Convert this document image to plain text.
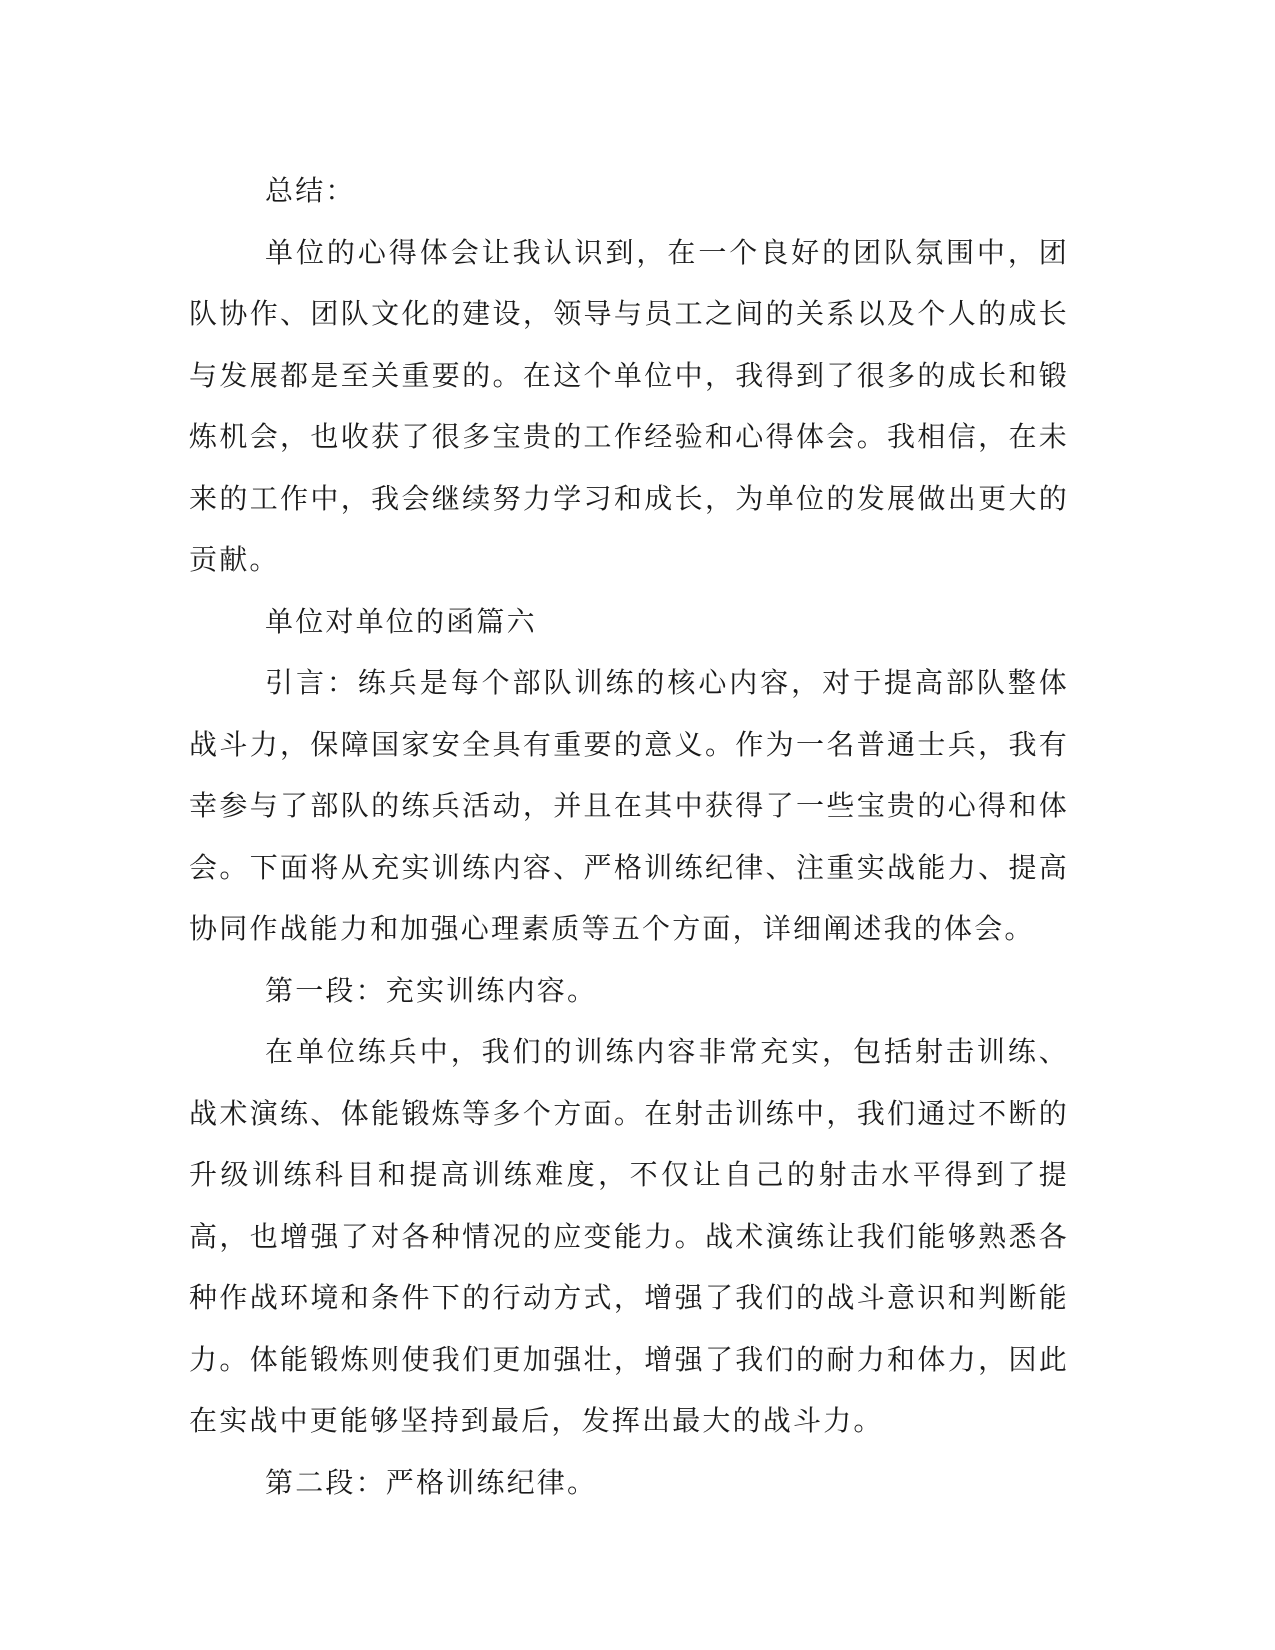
总结：

单位的心得体会让我认识到，在一个良好的团队氛围中，团队协作、团队文化的建设，领导与员工之间的关系以及个人的成长与发展都是至关重要的。在这个单位中，我得到了很多的成长和锻炼机会，也收获了很多宝贵的工作经验和心得体会。我相信，在未来的工作中，我会继续努力学习和成长，为单位的发展做出更大的贡献。

单位对单位的函篇六

引言：练兵是每个部队训练的核心内容，对于提高部队整体战斗力，保障国家安全具有重要的意义。作为一名普通士兵，我有幸参与了部队的练兵活动，并且在其中获得了一些宝贵的心得和体会。下面将从充实训练内容、严格训练纪律、注重实战能力、提高协同作战能力和加强心理素质等五个方面，详细阐述我的体会。

第一段：充实训练内容。

在单位练兵中，我们的训练内容非常充实，包括射击训练、战术演练、体能锻炼等多个方面。在射击训练中，我们通过不断的升级训练科目和提高训练难度，不仅让自己的射击水平得到了提高，也增强了对各种情况的应变能力。战术演练让我们能够熟悉各种作战环境和条件下的行动方式，增强了我们的战斗意识和判断能力。体能锻炼则使我们更加强壮，增强了我们的耐力和体力，因此在实战中更能够坚持到最后，发挥出最大的战斗力。

第二段：严格训练纪律。
